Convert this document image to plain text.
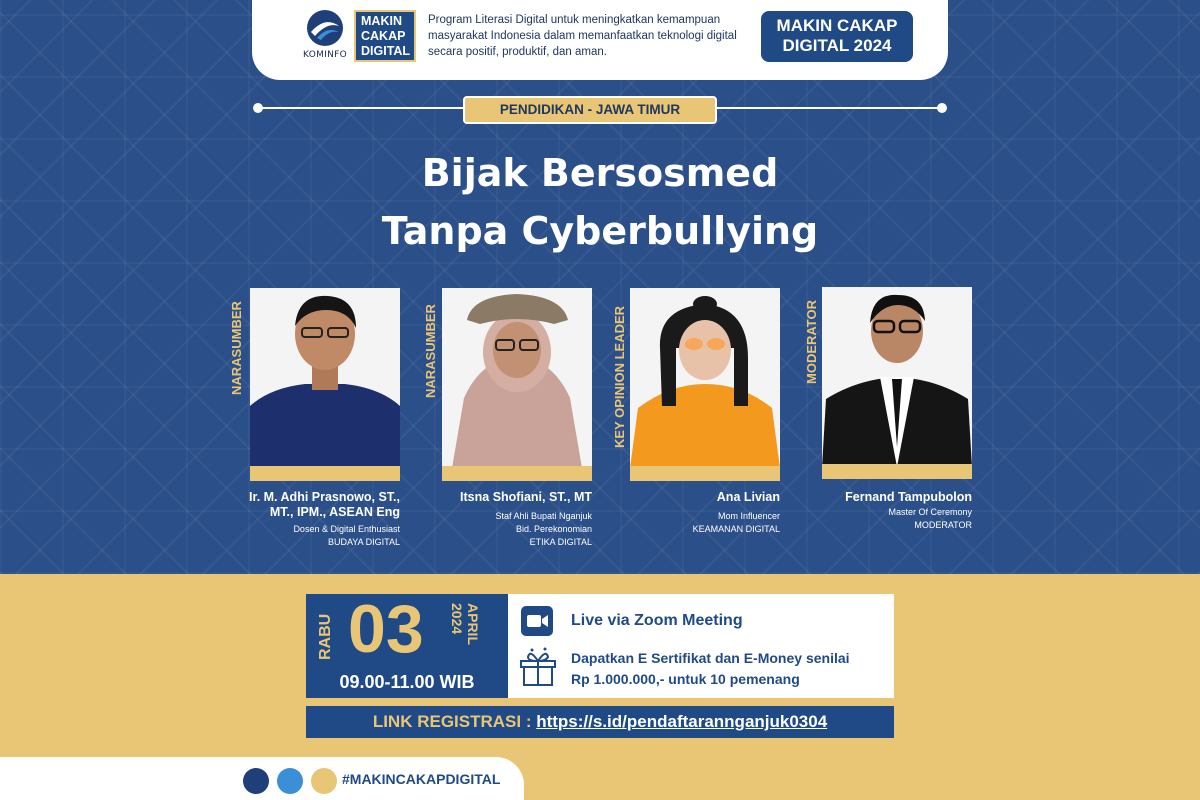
KOMINFO
MAKIN
CAKAP
DIGITAL
Program Literasi Digital untuk meningkatkan kemampuan masyarakat Indonesia dalam memanfaatkan teknologi digital secara positif, produktif, dan aman.
MAKIN CAKAP
DIGITAL 2024
PENDIDIKAN - JAWA TIMUR
Bijak Bersosmed
Tanpa Cyberbullying
NARASUMBER
Ir. M. Adhi Prasnowo, ST.,
MT., IPM., ASEAN Eng
Dosen & Digital Enthusiast
BUDAYA DIGITAL
NARASUMBER
Itsna Shofiani, ST., MT
Staf Ahli Bupati Nganjuk
Bid. Perekonomian
ETIKA DIGITAL
KEY OPINION LEADER
Ana Livian
Mom Influencer
KEAMANAN DIGITAL
MODERATOR
Fernand Tampubolon
Master Of Ceremony
MODERATOR
RABU 03	APRIL
2024
09.00-11.00 WIB
Live via Zoom Meeting
Dapatkan E Sertifikat dan E-Money senilai
Rp 1.000.000,- untuk 10 pemenang
LINK REGISTRASI : https://s.id/pendaftarannganjuk0304
#MAKINCAKAPDIGITAL
